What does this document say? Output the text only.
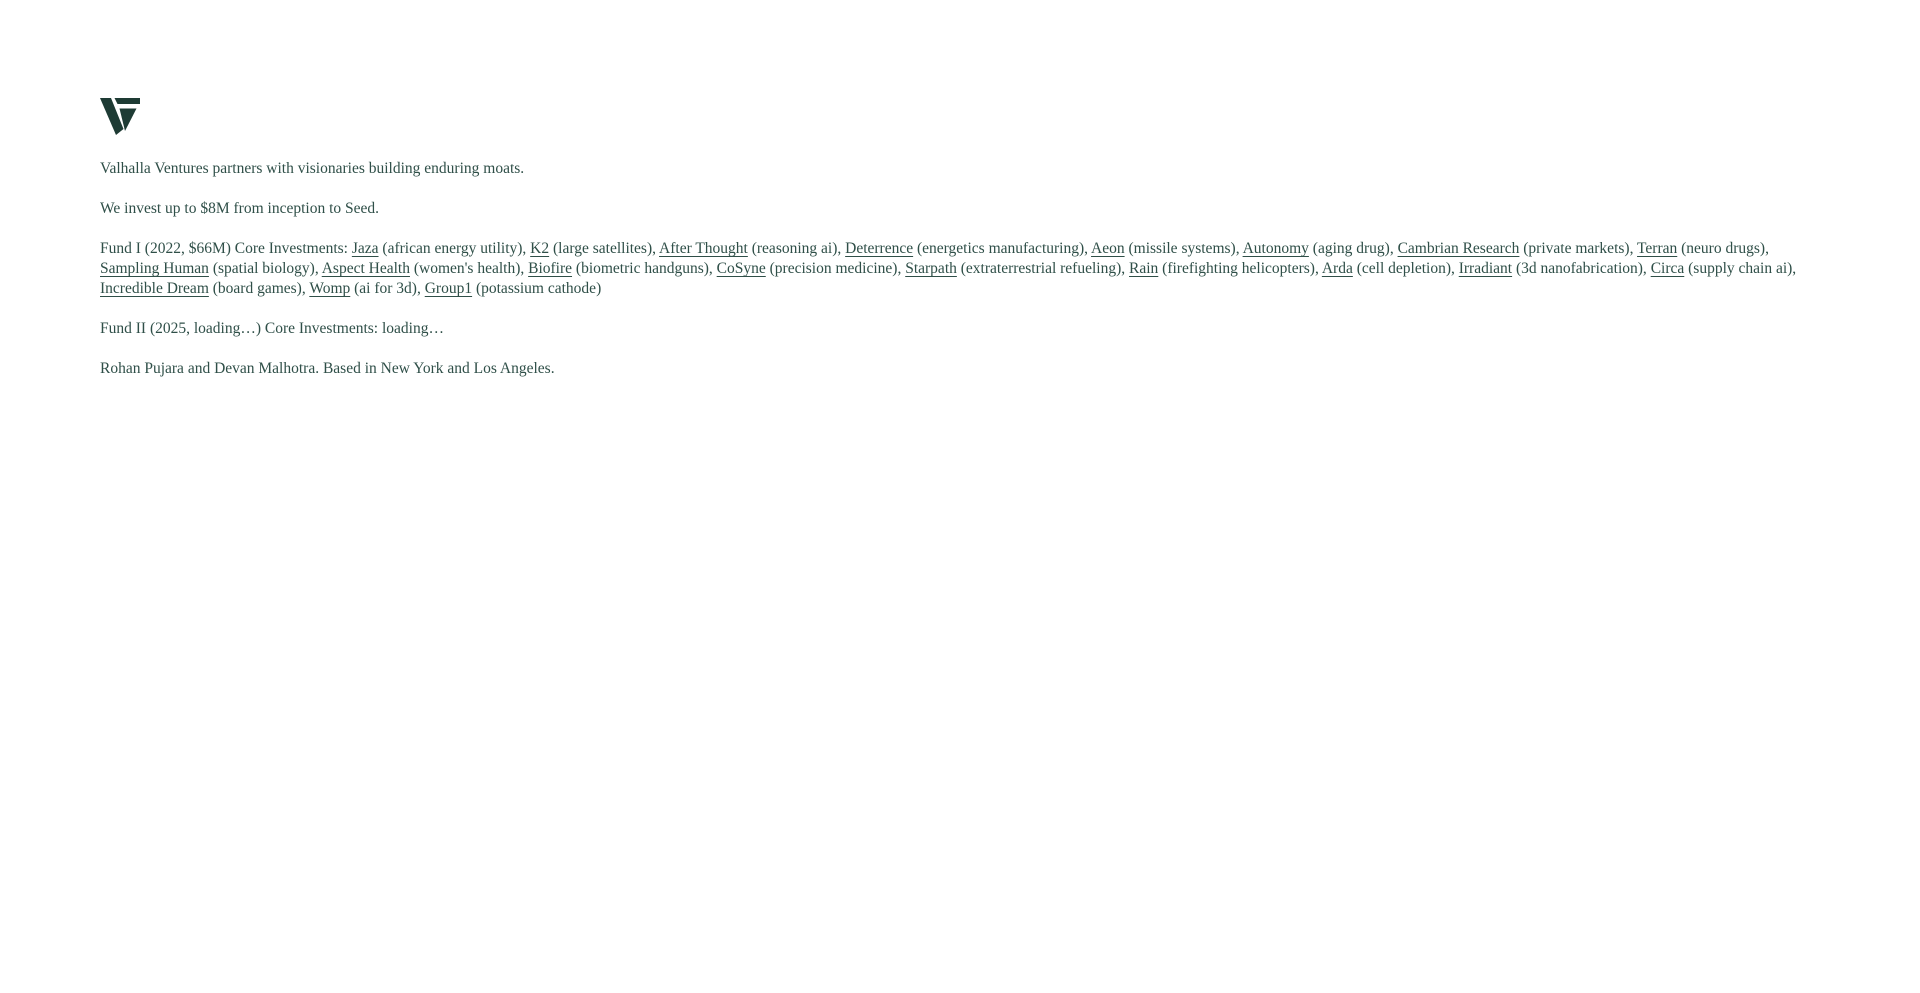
Valhalla Ventures partners with visionaries building enduring moats.

We invest up to $8M from inception to Seed.

Fund I (2022, $66M) Core Investments: Jaza (african energy utility), K2 (large satellites), After Thought (reasoning ai), Deterrence (energetics manufacturing), Aeon (missile systems), Autonomy (aging drug), Cambrian Research (private markets), Terran (neuro drugs), Sampling Human (spatial biology), Aspect Health (women's health), Biofire (biometric handguns), CoSyne (precision medicine), Starpath (extraterrestrial refueling), Rain (firefighting helicopters), Arda (cell depletion), Irradiant (3d nanofabrication), Circa (supply chain ai), Incredible Dream (board games), Womp (ai for 3d), Group1 (potassium cathode)

Fund II (2025, loading…) Core Investments: loading…

Rohan Pujara and Devan Malhotra. Based in New York and Los Angeles.
